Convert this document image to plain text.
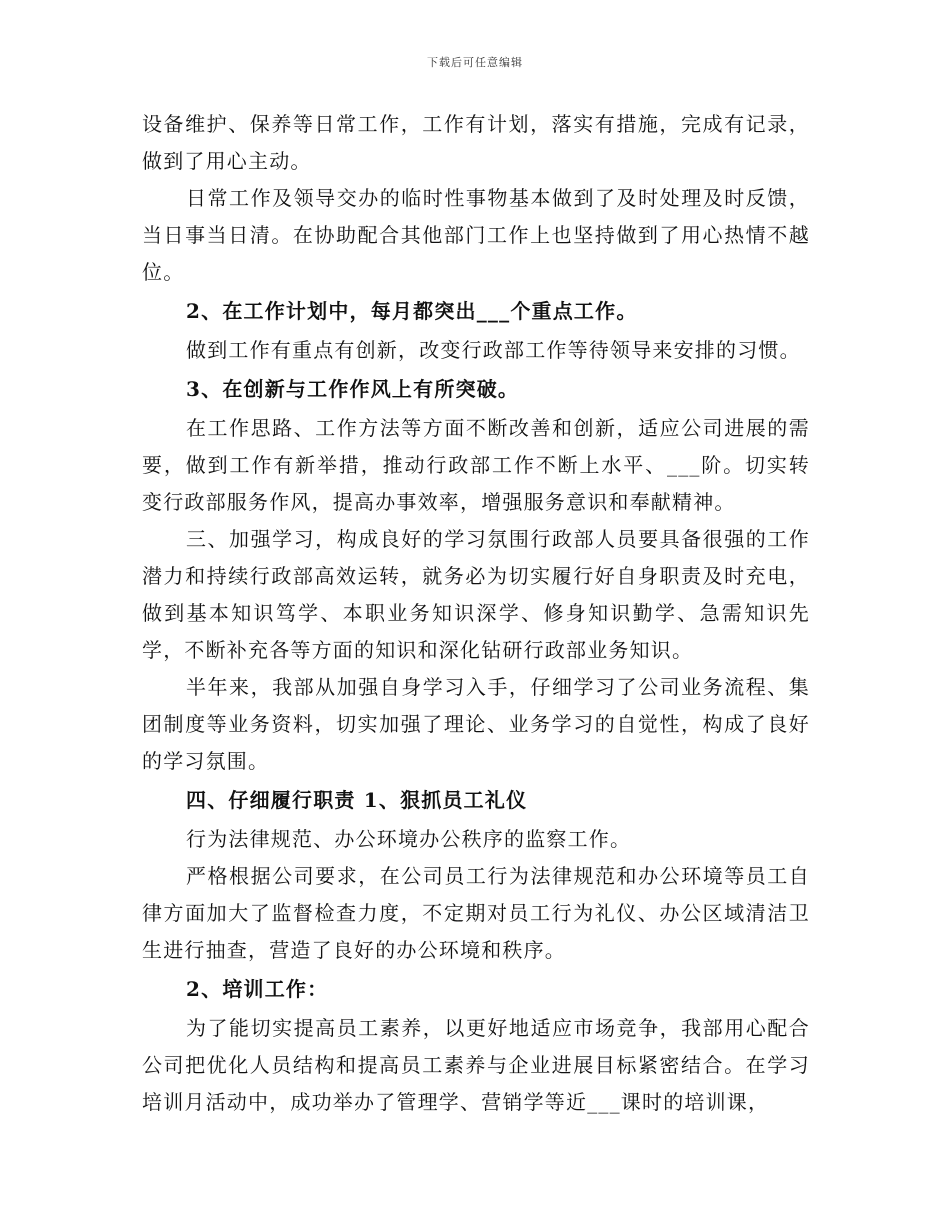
下载后可任意编辑

设备维护、保养等日常工作，工作有计划，落实有措施，完成有记录，做到了用心主动。

日常工作及领导交办的临时性事物基本做到了及时处理及时反馈，当日事当日清。在协助配合其他部门工作上也坚持做到了用心热情不越位。

2、在工作计划中，每月都突出___个重点工作。

做到工作有重点有创新，改变行政部工作等待领导来安排的习惯。

3、在创新与工作作风上有所突破。

在工作思路、工作方法等方面不断改善和创新，适应公司进展的需要，做到工作有新举措，推动行政部工作不断上水平、___阶。切实转变行政部服务作风，提高办事效率，增强服务意识和奉献精神。

三、加强学习，构成良好的学习氛围行政部人员要具备很强的工作潜力和持续行政部高效运转，就务必为切实履行好自身职责及时充电，做到基本知识笃学、本职业务知识深学、修身知识勤学、急需知识先学，不断补充各等方面的知识和深化钻研行政部业务知识。

半年来，我部从加强自身学习入手，仔细学习了公司业务流程、集团制度等业务资料，切实加强了理论、业务学习的自觉性，构成了良好的学习氛围。

四、仔细履行职责 1、狠抓员工礼仪

行为法律规范、办公环境办公秩序的监察工作。

严格根据公司要求，在公司员工行为法律规范和办公环境等员工自律方面加大了监督检查力度，不定期对员工行为礼仪、办公区域清洁卫生进行抽查，营造了良好的办公环境和秩序。

2、培训工作：

为了能切实提高员工素养，以更好地适应市场竞争，我部用心配合公司把优化人员结构和提高员工素养与企业进展目标紧密结合。在学习培训月活动中，成功举办了管理学、营销学等近___课时的培训课，
